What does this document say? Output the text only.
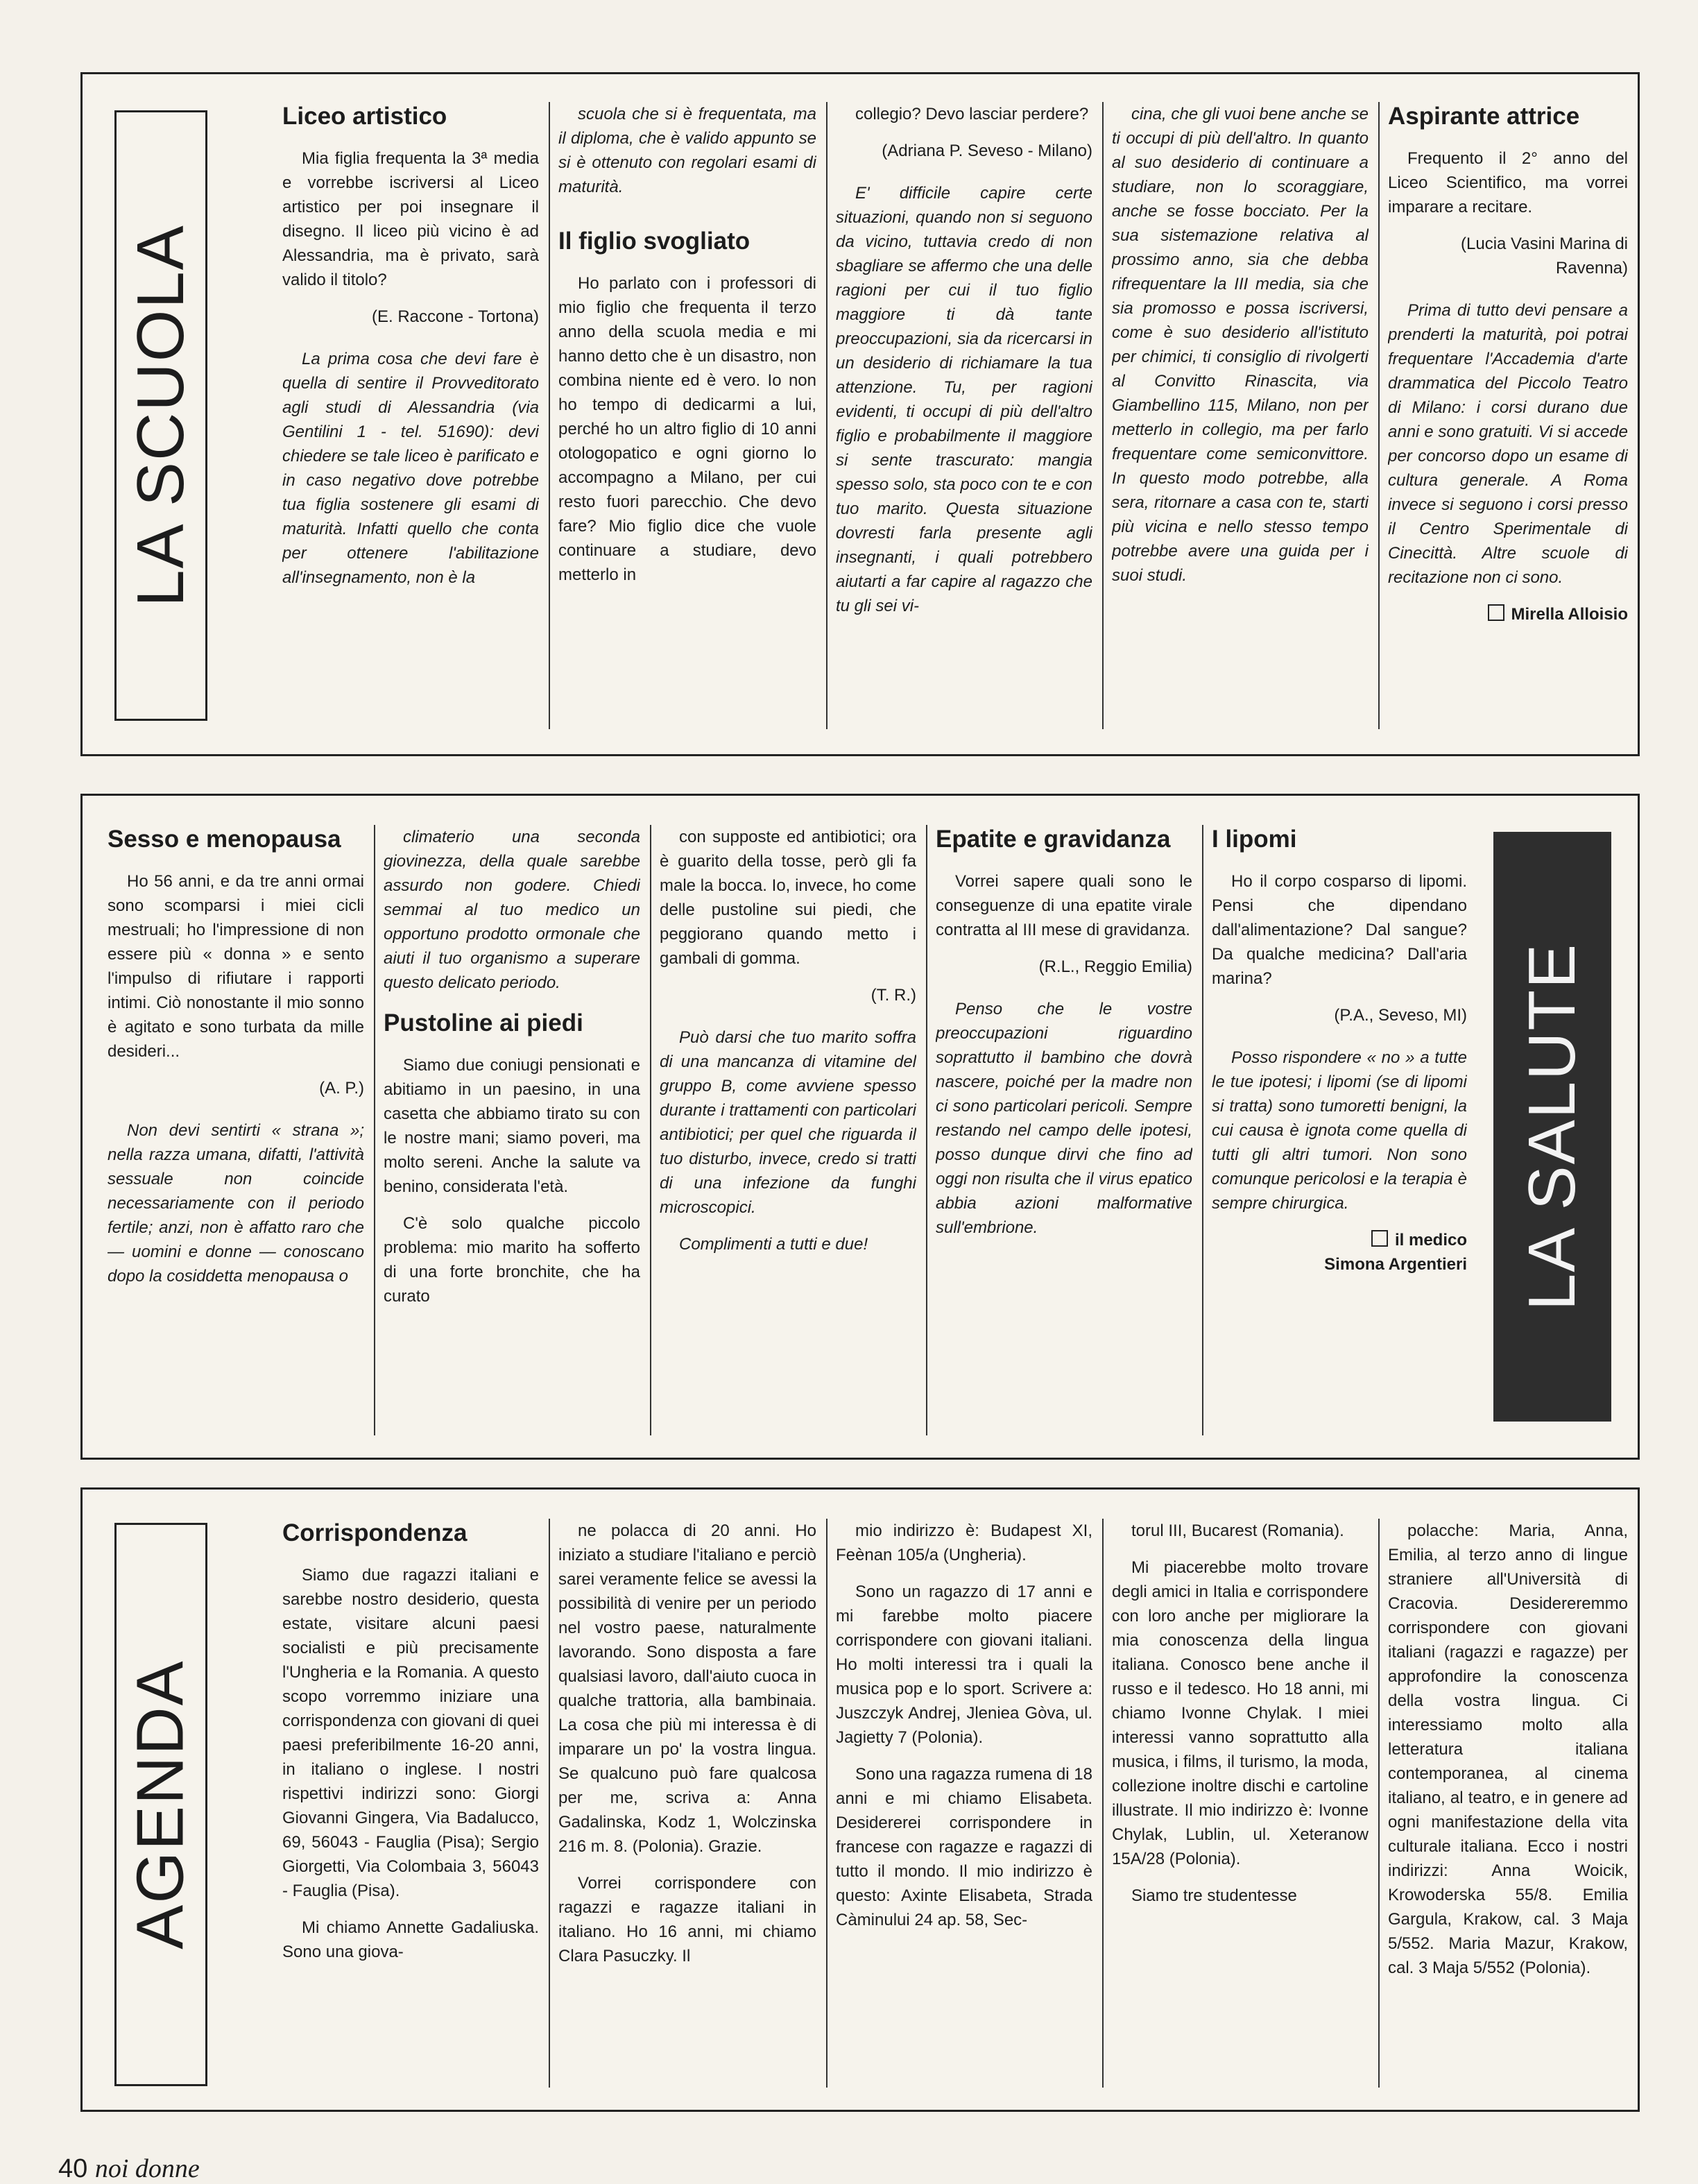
LA SCUOLA
Liceo artistico

Mia figlia frequenta la 3ª media e vorrebbe iscriversi al Liceo artistico per poi insegnare il disegno. Il liceo più vicino è ad Alessandria, ma è privato, sarà valido il titolo?

(E. Raccone - Tortona)

La prima cosa che devi fare è quella di sentire il Provveditorato agli studi di Alessandria (via Gentilini 1 - tel. 51690): devi chiedere se tale liceo è parificato e in caso negativo dove potrebbe tua figlia sostenere gli esami di maturità. Infatti quello che conta per ottenere l'abilitazione all'insegnamento, non è la

scuola che si è frequentata, ma il diploma, che è valido appunto se si è ottenuto con regolari esami di maturità.

Il figlio svogliato

Ho parlato con i professori di mio figlio che frequenta il terzo anno della scuola media e mi hanno detto che è un disastro, non combina niente ed è vero. Io non ho tempo di dedicarmi a lui, perché ho un altro figlio di 10 anni otologopatico e ogni giorno lo accompagno a Milano, per cui resto fuori parecchio. Che devo fare? Mio figlio dice che vuole continuare a studiare, devo metterlo in

collegio? Devo lasciar perdere?

(Adriana P. Seveso - Milano)

E' difficile capire certe situazioni, quando non si seguono da vicino, tuttavia credo di non sbagliare se affermo che una delle ragioni per cui il tuo figlio maggiore ti dà tante preoccupazioni, sia da ricercarsi in un desiderio di richiamare la tua attenzione. Tu, per ragioni evidenti, ti occupi di più dell'altro figlio e probabilmente il maggiore si sente trascurato: mangia spesso solo, sta poco con te e con tuo marito. Questa situazione dovresti farla presente agli insegnanti, i quali potrebbero aiutarti a far capire al ragazzo che tu gli sei vi-

cina, che gli vuoi bene anche se ti occupi di più dell'altro. In quanto al suo desiderio di continuare a studiare, non lo scoraggiare, anche se fosse bocciato. Per la sua sistemazione relativa al prossimo anno, sia che debba rifrequentare la III media, sia che sia promosso e possa iscriversi, come è suo desiderio all'istituto per chimici, ti consiglio di rivolgerti al Convitto Rinascita, via Giambellino 115, Milano, non per metterlo in collegio, ma per farlo frequentare come semiconvittore. In questo modo potrebbe, alla sera, ritornare a casa con te, starti più vicina e nello stesso tempo potrebbe avere una guida per i suoi studi.

Aspirante attrice

Frequento il 2° anno del Liceo Scientifico, ma vorrei imparare a recitare.

(Lucia Vasini Marina di Ravenna)

Prima di tutto devi pensare a prenderti la maturità, poi potrai frequentare l'Accademia d'arte drammatica del Piccolo Teatro di Milano: i corsi durano due anni e sono gratuiti. Vi si accede per concorso dopo un esame di cultura generale. A Roma invece si seguono i corsi presso il Centro Sperimentale di Cinecittà. Altre scuole di recitazione non ci sono.

Mirella Alloisio

Sesso e menopausa

Ho 56 anni, e da tre anni ormai sono scomparsi i miei cicli mestruali; ho l'impressione di non essere più « donna » e sento l'impulso di rifiutare i rapporti intimi. Ciò nonostante il mio sonno è agitato e sono turbata da mille desideri...

(A. P.)

Non devi sentirti « strana »; nella razza umana, difatti, l'attività sessuale non coincide necessariamente con il periodo fertile; anzi, non è affatto raro che — uomini e donne — conoscano dopo la cosiddetta menopausa o

climaterio una seconda giovinezza, della quale sarebbe assurdo non godere. Chiedi semmai al tuo medico un opportuno prodotto ormonale che aiuti il tuo organismo a superare questo delicato periodo.

Pustoline ai piedi

Siamo due coniugi pensionati e abitiamo in un paesino, in una casetta che abbiamo tirato su con le nostre mani; siamo poveri, ma molto sereni. Anche la salute va benino, considerata l'età.

C'è solo qualche piccolo problema: mio marito ha sofferto di una forte bronchite, che ha curato

con supposte ed antibiotici; ora è guarito della tosse, però gli fa male la bocca. Io, invece, ho come delle pustoline sui piedi, che peggiorano quando metto i gambali di gomma.

(T. R.)

Può darsi che tuo marito soffra di una mancanza di vitamine del gruppo B, come avviene spesso durante i trattamenti con particolari antibiotici; per quel che riguarda il tuo disturbo, invece, credo si tratti di una infezione da funghi microscopici.

Complimenti a tutti e due!

Epatite e gravidanza

Vorrei sapere quali sono le conseguenze di una epatite virale contratta al III mese di gravidanza.

(R.L., Reggio Emilia)

Penso che le vostre preoccupazioni riguardino soprattutto il bambino che dovrà nascere, poiché per la madre non ci sono particolari pericoli. Sempre restando nel campo delle ipotesi, posso dunque dirvi che fino ad oggi non risulta che il virus epatico abbia azioni malformative sull'embrione.

I lipomi

Ho il corpo cosparso di lipomi. Pensi che dipendano dall'alimentazione? Dal sangue? Da qualche medicina? Dall'aria marina?

(P.A., Seveso, MI)

Posso rispondere « no » a tutte le tue ipotesi; i lipomi (se di lipomi si tratta) sono tumoretti benigni, la cui causa è ignota come quella di tutti gli altri tumori. Non sono comunque pericolosi e la terapia è sempre chirurgica.

il medico

Simona Argentieri LA SALUTE
AGENDA
Corrispondenza

Siamo due ragazzi italiani e sarebbe nostro desiderio, questa estate, visitare alcuni paesi socialisti e più precisamente l'Ungheria e la Romania. A questo scopo vorremmo iniziare una corrispondenza con giovani di quei paesi preferibilmente 16-20 anni, in italiano o inglese. I nostri rispettivi indirizzi sono: Giorgi Giovanni Gingera, Via Badalucco, 69, 56043 - Fauglia (Pisa); Sergio Giorgetti, Via Colombaia 3, 56043 - Fauglia (Pisa).

Mi chiamo Annette Gadaliuska. Sono una giova-

ne polacca di 20 anni. Ho iniziato a studiare l'italiano e perciò sarei veramente felice se avessi la possibilità di venire per un periodo nel vostro paese, naturalmente lavorando. Sono disposta a fare qualsiasi lavoro, dall'aiuto cuoca in qualche trattoria, alla bambinaia. La cosa che più mi interessa è di imparare un po' la vostra lingua. Se qualcuno può fare qualcosa per me, scriva a: Anna Gadalinska, Kodz 1, Wolczinska 216 m. 8. (Polonia). Grazie.

Vorrei corrispondere con ragazzi e ragazze italiani in italiano. Ho 16 anni, mi chiamo Clara Pasuczky. Il

mio indirizzo è: Budapest XI, Feènan 105/a (Ungheria).

Sono un ragazzo di 17 anni e mi farebbe molto piacere corrispondere con giovani italiani. Ho molti interessi tra i quali la musica pop e lo sport. Scrivere a: Juszczyk Andrej, Jleniea Gòva, ul. Jagietty 7 (Polonia).

Sono una ragazza rumena di 18 anni e mi chiamo Elisabeta. Desidererei corrispondere in francese con ragazze e ragazzi di tutto il mondo. Il mio indirizzo è questo: Axinte Elisabeta, Strada Càminului 24 ap. 58, Sec-

torul III, Bucarest (Romania).

Mi piacerebbe molto trovare degli amici in Italia e corrispondere con loro anche per migliorare la mia conoscenza della lingua italiana. Conosco bene anche il russo e il tedesco. Ho 18 anni, mi chiamo Ivonne Chylak. I miei interessi vanno soprattutto alla musica, i films, il turismo, la moda, collezione inoltre dischi e cartoline illustrate. Il mio indirizzo è: Ivonne Chylak, Lublin, ul. Xeteranow 15A/28 (Polonia).

Siamo tre studentesse

polacche: Maria, Anna, Emilia, al terzo anno di lingue straniere all'Università di Cracovia. Desidereremmo corrispondere con giovani italiani (ragazzi e ragazze) per approfondire la conoscenza della vostra lingua. Ci interessiamo molto alla letteratura italiana contemporanea, al cinema italiano, al teatro, e in genere ad ogni manifestazione della vita culturale italiana. Ecco i nostri indirizzi: Anna Woicik, Krowoderska 55/8. Emilia Gargula, Krakow, cal. 3 Maja 5/552. Maria Mazur, Krakow, cal. 3 Maja 5/552 (Polonia).

40 noi donne
